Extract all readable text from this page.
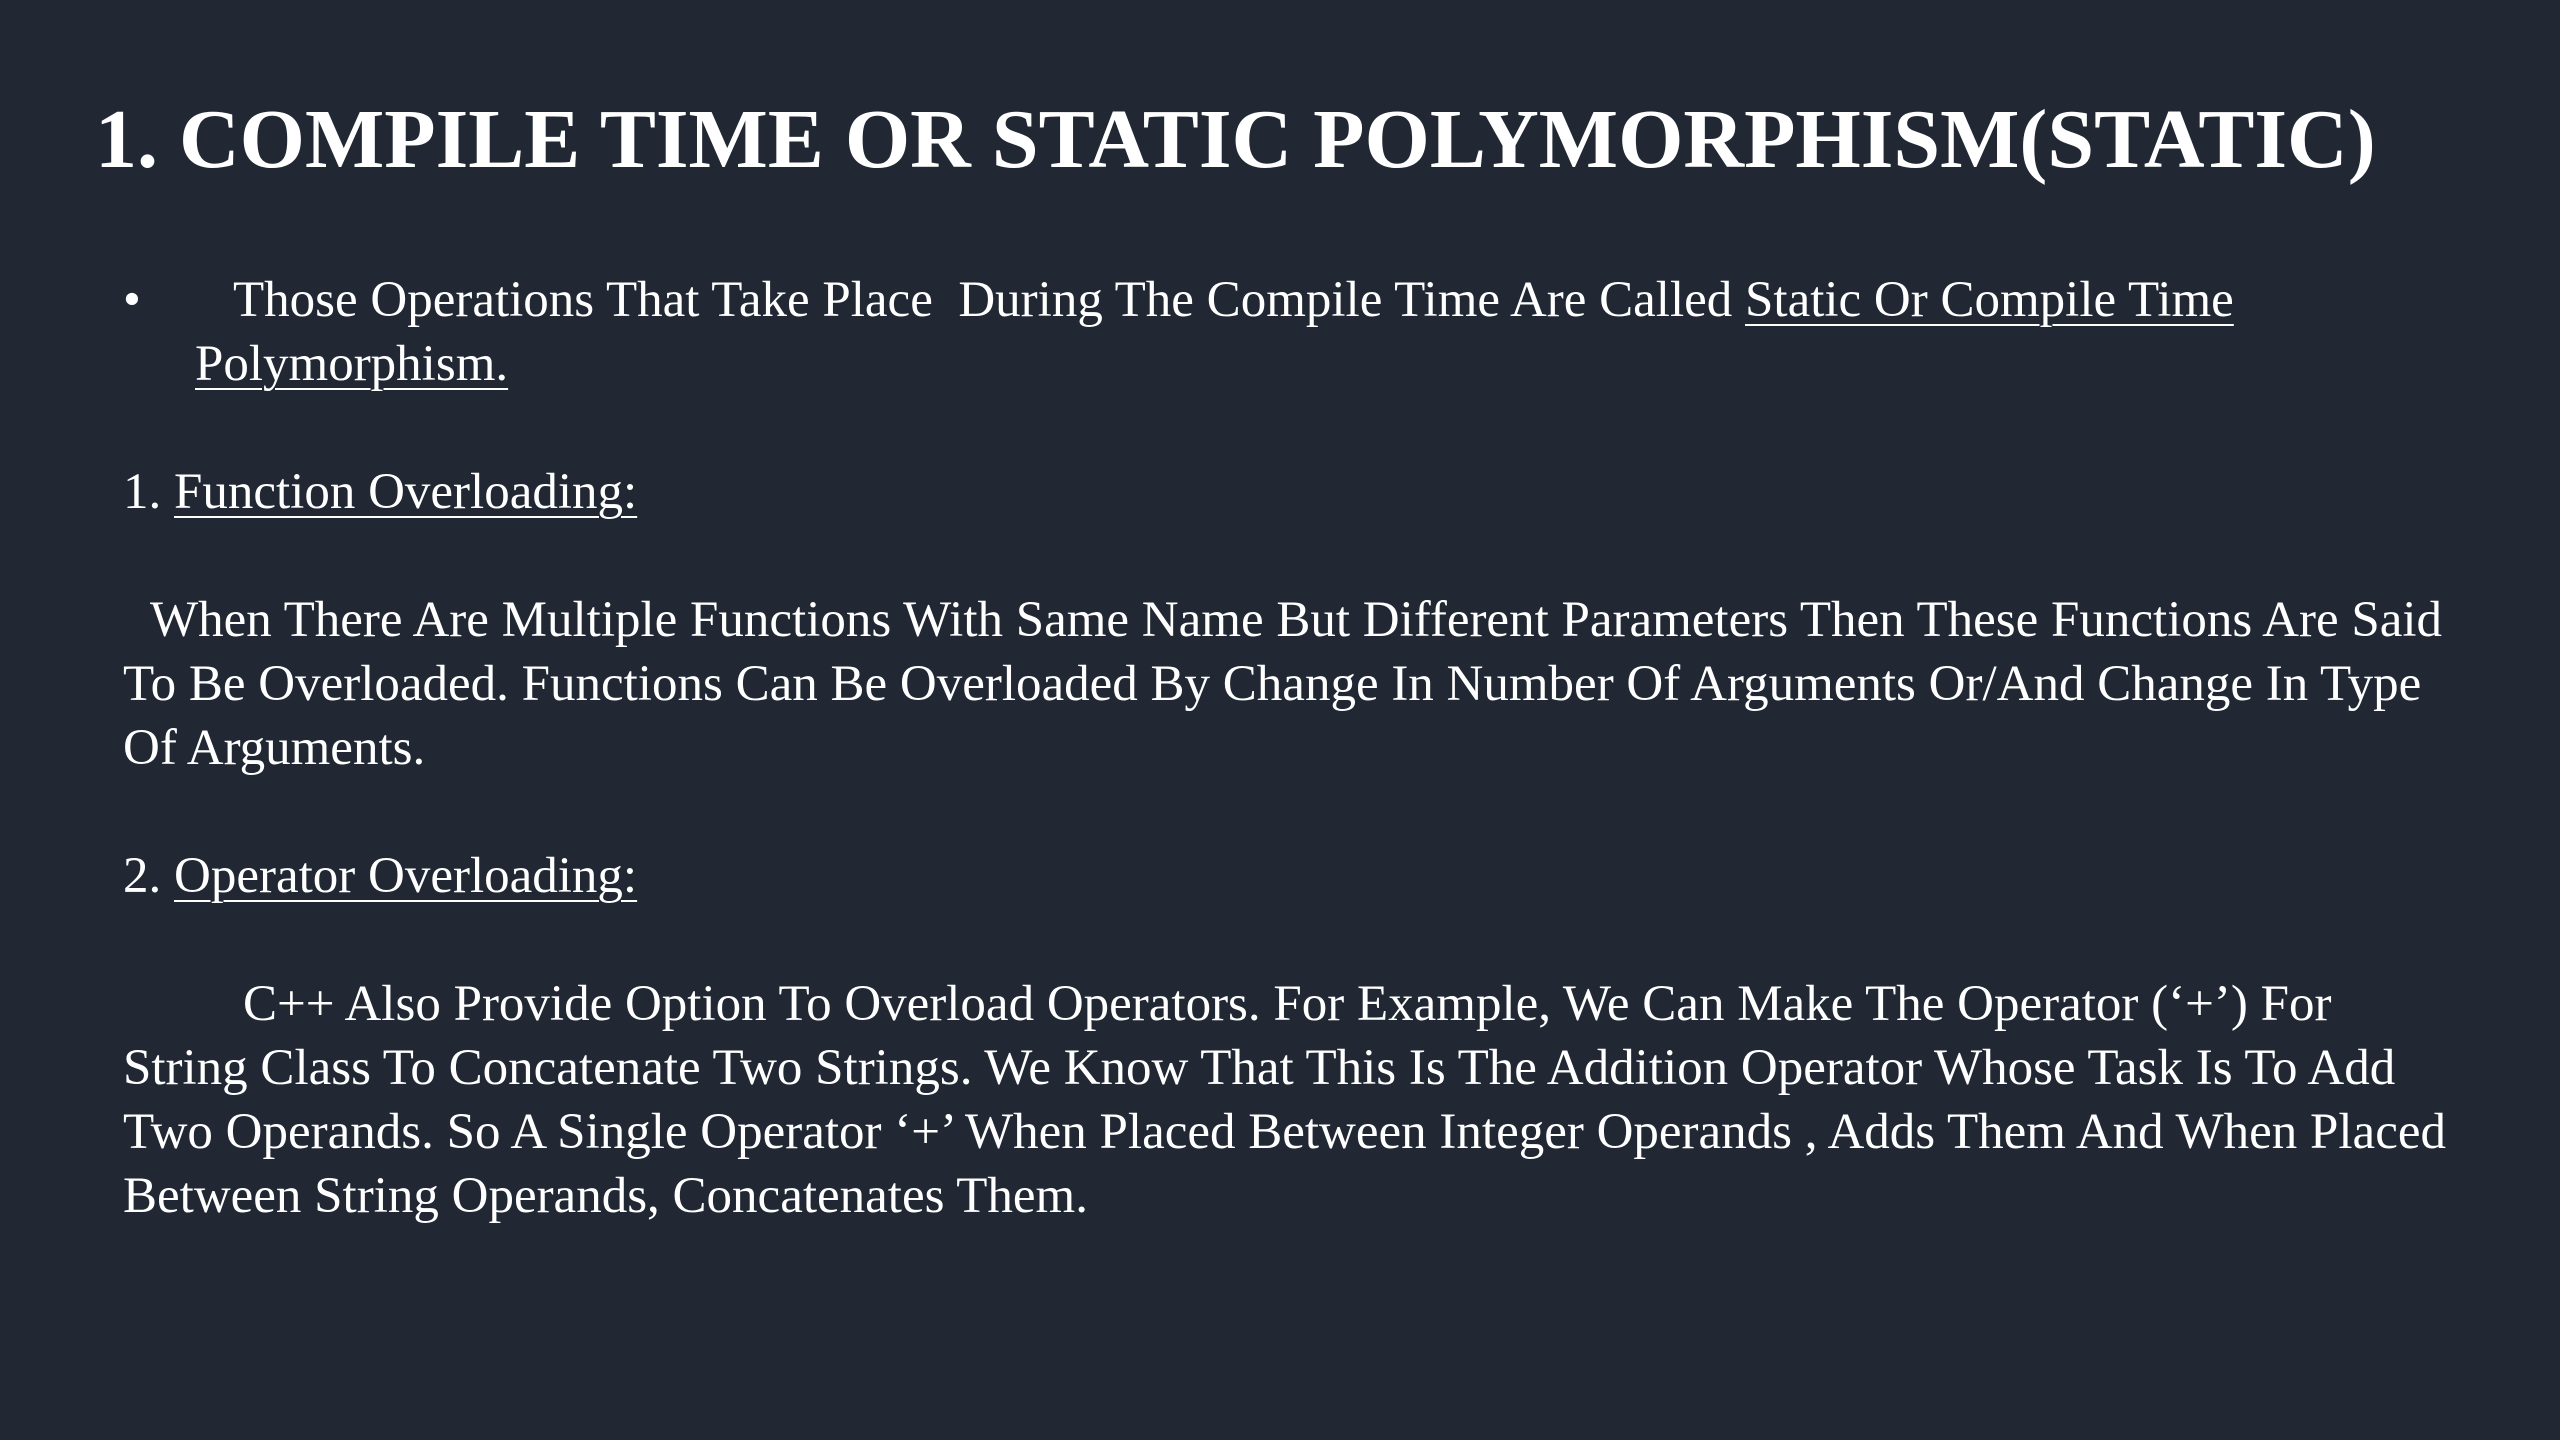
1. COMPILE TIME OR STATIC POLYMORPHISM(STATIC)
• Those Operations That Take Place  During The Compile Time Are Called Static Or Compile Time
Polymorphism.
1. Function Overloading:

When There Are Multiple Functions With Same Name But Different Parameters Then These Functions Are Said To Be Overloaded. Functions Can Be Overloaded By Change In Number Of Arguments Or/And Change In Type Of Arguments.

2. Operator Overloading:

C++ Also Provide Option To Overload Operators. For Example, We Can Make The Operator (‘+’) For String Class To Concatenate Two Strings. We Know That This Is The Addition Operator Whose Task Is To Add Two Operands. So A Single Operator ‘+’ When Placed Between Integer Operands , Adds Them And When Placed Between String Operands, Concatenates Them.
